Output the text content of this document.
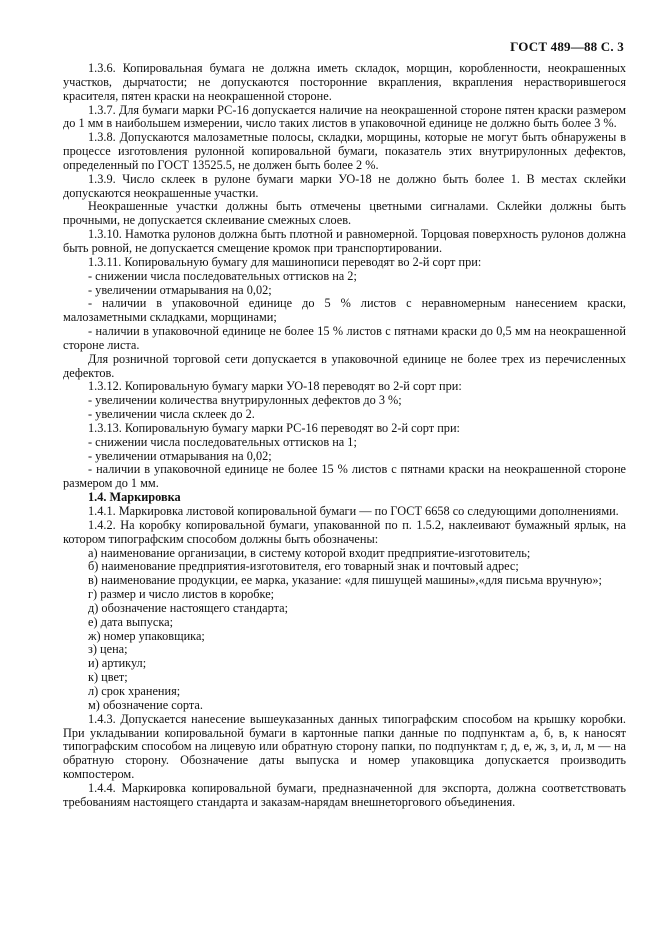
ГОСТ 489—88 С. 3

1.3.6. Копировальная бумага не должна иметь складок, морщин, коробленности, неокрашенных участков, дырчатости; не допускаются посторонние вкрапления, вкрапления нерастворившегося красителя, пятен краски на неокрашенной стороне.

1.3.7. Для бумаги марки РС-16 допускается наличие на неокрашенной стороне пятен краски размером до 1 мм в наибольшем измерении, число таких листов в упаковочной единице не должно быть более 3 %.

1.3.8. Допускаются малозаметные полосы, складки, морщины, которые не могут быть обнаружены в процессе изготовления рулонной копировальной бумаги, показатель этих внутрирулонных дефектов, определенный по ГОСТ 13525.5, не должен быть более 2 %.

1.3.9. Число склеек в рулоне бумаги марки УО-18 не должно быть более 1. В местах склейки допускаются неокрашенные участки.

Неокрашенные участки должны быть отмечены цветными сигналами. Склейки должны быть прочными, не допускается склеивание смежных слоев.

1.3.10. Намотка рулонов должна быть плотной и равномерной. Торцовая поверхность рулонов должна быть ровной, не допускается смещение кромок при транспортировании.

1.3.11. Копировальную бумагу для машинописи переводят во 2-й сорт при:

- снижении числа последовательных оттисков на 2;

- увеличении отмарывания на 0,02;

- наличии в упаковочной единице до 5 % листов с неравномерным нанесением краски, малозаметными складками, морщинами;

- наличии в упаковочной единице не более 15 % листов с пятнами краски до 0,5 мм на неокрашенной стороне листа.

Для розничной торговой сети допускается в упаковочной единице не более трех из перечисленных дефектов.

1.3.12. Копировальную бумагу марки УО-18 переводят во 2-й сорт при:

- увеличении количества внутрирулонных дефектов до 3 %;

- увеличении числа склеек до 2.

1.3.13. Копировальную бумагу марки РС-16 переводят во 2-й сорт при:

- снижении числа последовательных оттисков на 1;

- увеличении отмарывания на 0,02;

- наличии в упаковочной единице не более 15 % листов с пятнами краски на неокрашенной стороне размером до 1 мм.

1.4. Маркировка

1.4.1. Маркировка листовой копировальной бумаги — по ГОСТ 6658 со следующими дополнениями.

1.4.2. На коробку копировальной бумаги, упакованной по п. 1.5.2, наклеивают бумажный ярлык, на котором типографским способом должны быть обозначены:

а) наименование организации, в систему которой входит предприятие-изготовитель;

б) наименование предприятия-изготовителя, его товарный знак и почтовый адрес;

в) наименование продукции, ее марка, указание: «для пишущей машины»,«для письма вручную»;

г) размер и число листов в коробке;

д) обозначение настоящего стандарта;

е) дата выпуска;

ж) номер упаковщика;

з) цена;

и) артикул;

к) цвет;

л) срок хранения;

м) обозначение сорта.

1.4.3. Допускается нанесение вышеуказанных данных типографским способом на крышку коробки. При укладывании копировальной бумаги в картонные папки данные по подпунктам а, б, в, к наносят типографским способом на лицевую или обратную сторону папки, по подпунктам г, д, е, ж, з, и, л, м — на обратную сторону. Обозначение даты выпуска и номер упаковщика допускается производить компостером.

1.4.4. Маркировка копировальной бумаги, предназначенной для экспорта, должна соответствовать требованиям настоящего стандарта и заказам-нарядам внешнеторгового объединения.
